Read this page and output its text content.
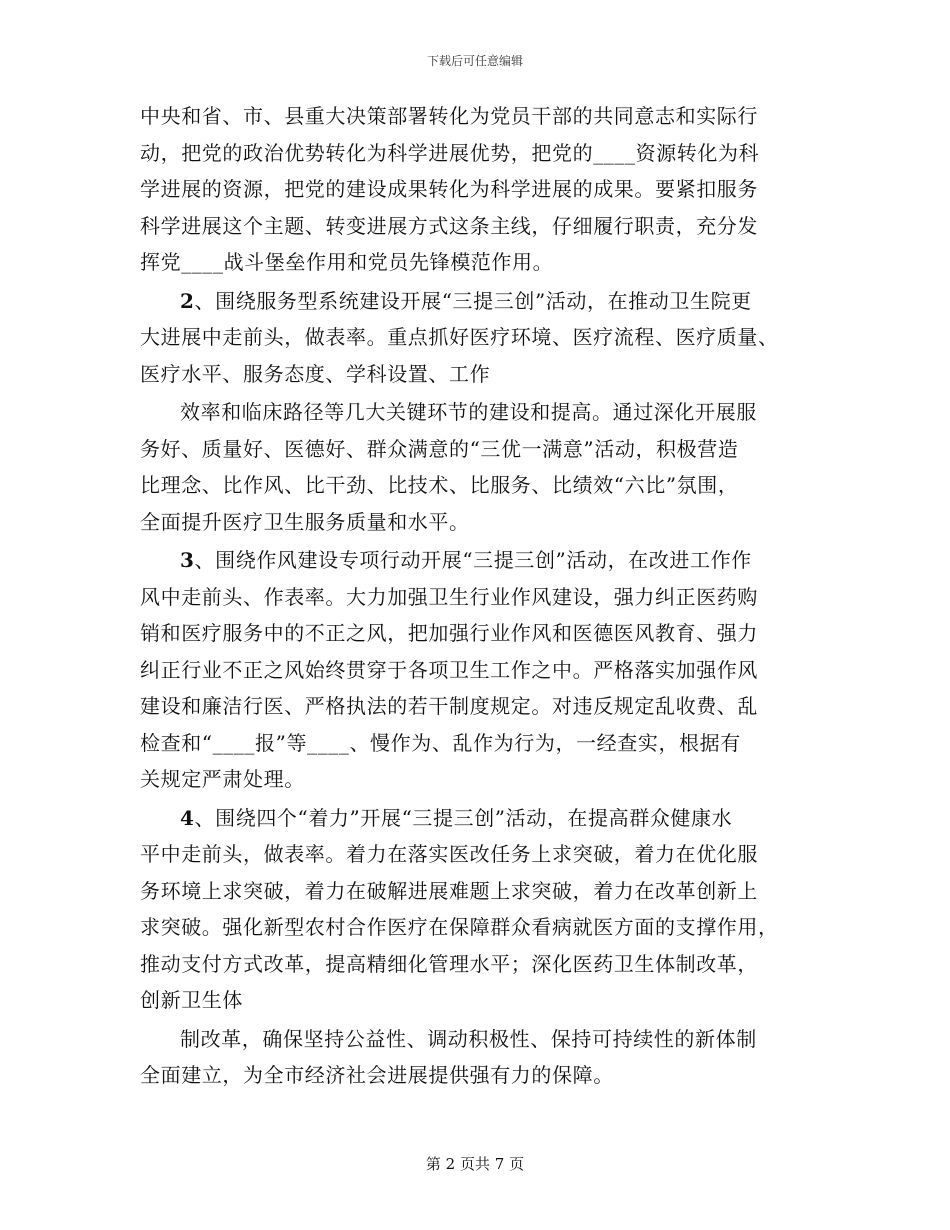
下载后可任意编辑
中央和省、市、县重大决策部署转化为党员干部的共同意志和实际行
动，把党的政治优势转化为科学进展优势，把党的____资源转化为科
学进展的资源，把党的建设成果转化为科学进展的成果。要紧扣服务
科学进展这个主题、转变进展方式这条主线，仔细履行职责，充分发
挥党____战斗堡垒作用和党员先锋模范作用。
2、围绕服务型系统建设开展“三提三创”活动，在推动卫生院更
大进展中走前头，做表率。重点抓好医疗环境、医疗流程、医疗质量、
医疗水平、服务态度、学科设置、工作
效率和临床路径等几大关键环节的建设和提高。通过深化开展服
务好、质量好、医德好、群众满意的“三优一满意”活动，积极营造
比理念、比作风、比干劲、比技术、比服务、比绩效“六比”氛围，
全面提升医疗卫生服务质量和水平。
3、围绕作风建设专项行动开展“三提三创”活动，在改进工作作
风中走前头、作表率。大力加强卫生行业作风建设，强力纠正医药购
销和医疗服务中的不正之风，把加强行业作风和医德医风教育、强力
纠正行业不正之风始终贯穿于各项卫生工作之中。严格落实加强作风
建设和廉洁行医、严格执法的若干制度规定。对违反规定乱收费、乱
检查和“____报”等____、慢作为、乱作为行为，一经查实，根据有
关规定严肃处理。
4、围绕四个“着力”开展“三提三创”活动，在提高群众健康水
平中走前头，做表率。着力在落实医改任务上求突破，着力在优化服
务环境上求突破，着力在破解进展难题上求突破，着力在改革创新上
求突破。强化新型农村合作医疗在保障群众看病就医方面的支撑作用，
推动支付方式改革，提高精细化管理水平；深化医药卫生体制改革，
创新卫生体
制改革，确保坚持公益性、调动积极性、保持可持续性的新体制
全面建立，为全市经济社会进展提供强有力的保障。
第 2 页共 7 页
